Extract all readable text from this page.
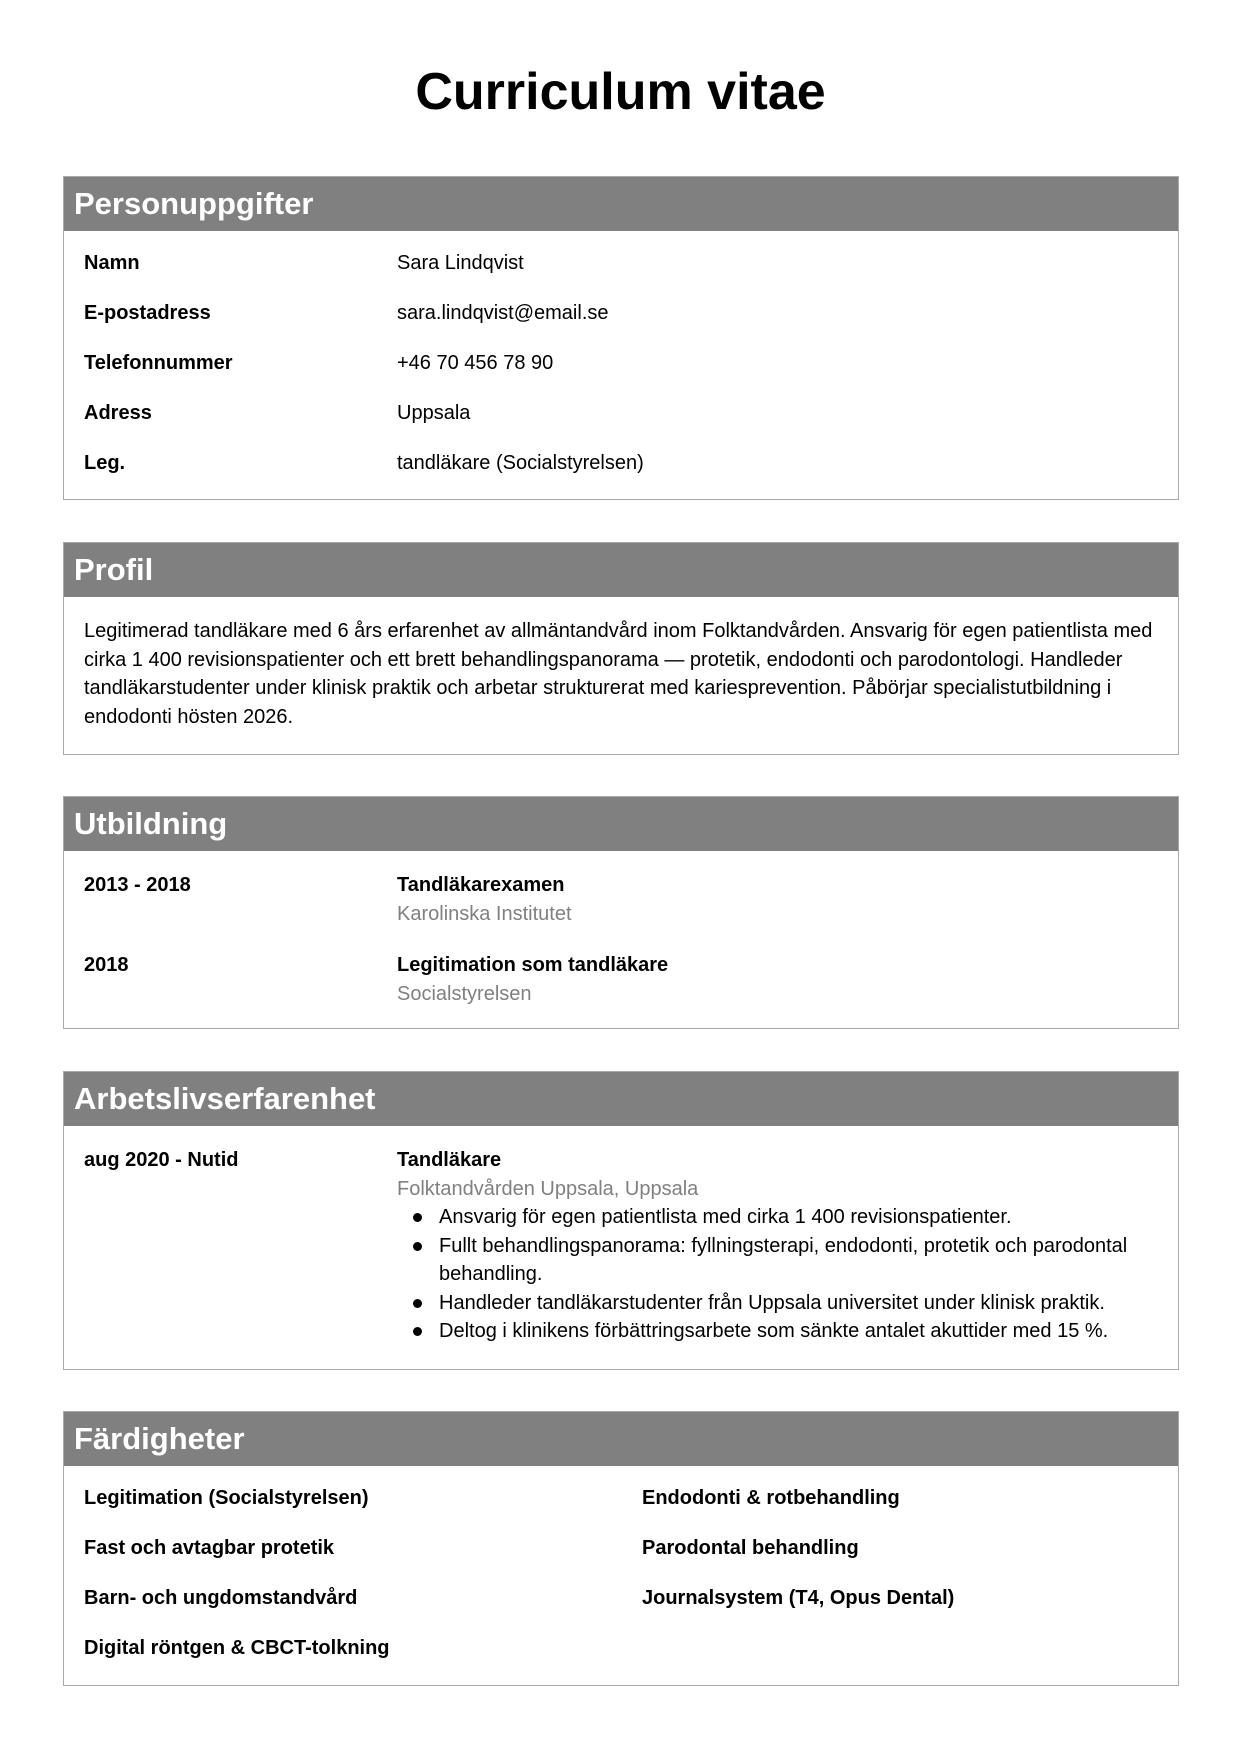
Curriculum vitae
Personuppgifter
Namn	Sara Lindqvist
E-postadress	sara.lindqvist@email.se
Telefonnummer	+46 70 456 78 90
Adress	Uppsala
Leg.	tandläkare (Socialstyrelsen)
Profil
Legitimerad tandläkare med 6 års erfarenhet av allmäntandvård inom Folktandvården. Ansvarig för egen patientlista med cirka 1 400 revisionspatienter och ett brett behandlingspanorama — protetik, endodonti och parodontologi. Handleder tandläkarstudenter under klinisk praktik och arbetar strukturerat med kariesprevention. Påbörjar specialistutbildning i endodonti hösten 2026.
Utbildning
2013 - 2018	Tandläkarexamen
Karolinska Institutet
2018	Legitimation som tandläkare
Socialstyrelsen
Arbetslivserfarenhet
aug 2020 - Nutid	Tandläkare
Folktandvården Uppsala, Uppsala
Ansvarig för egen patientlista med cirka 1 400 revisionspatienter.
Fullt behandlingspanorama: fyllningsterapi, endodonti, protetik och parodontal behandling.
Handleder tandläkarstudenter från Uppsala universitet under klinisk praktik.
Deltog i klinikens förbättringsarbete som sänkte antalet akuttider med 15 %.
Färdigheter
Legitimation (Socialstyrelsen)	Endodonti & rotbehandling
Fast och avtagbar protetik	Parodontal behandling
Barn- och ungdomstandvård	Journalsystem (T4, Opus Dental)
Digital röntgen & CBCT-tolkning
